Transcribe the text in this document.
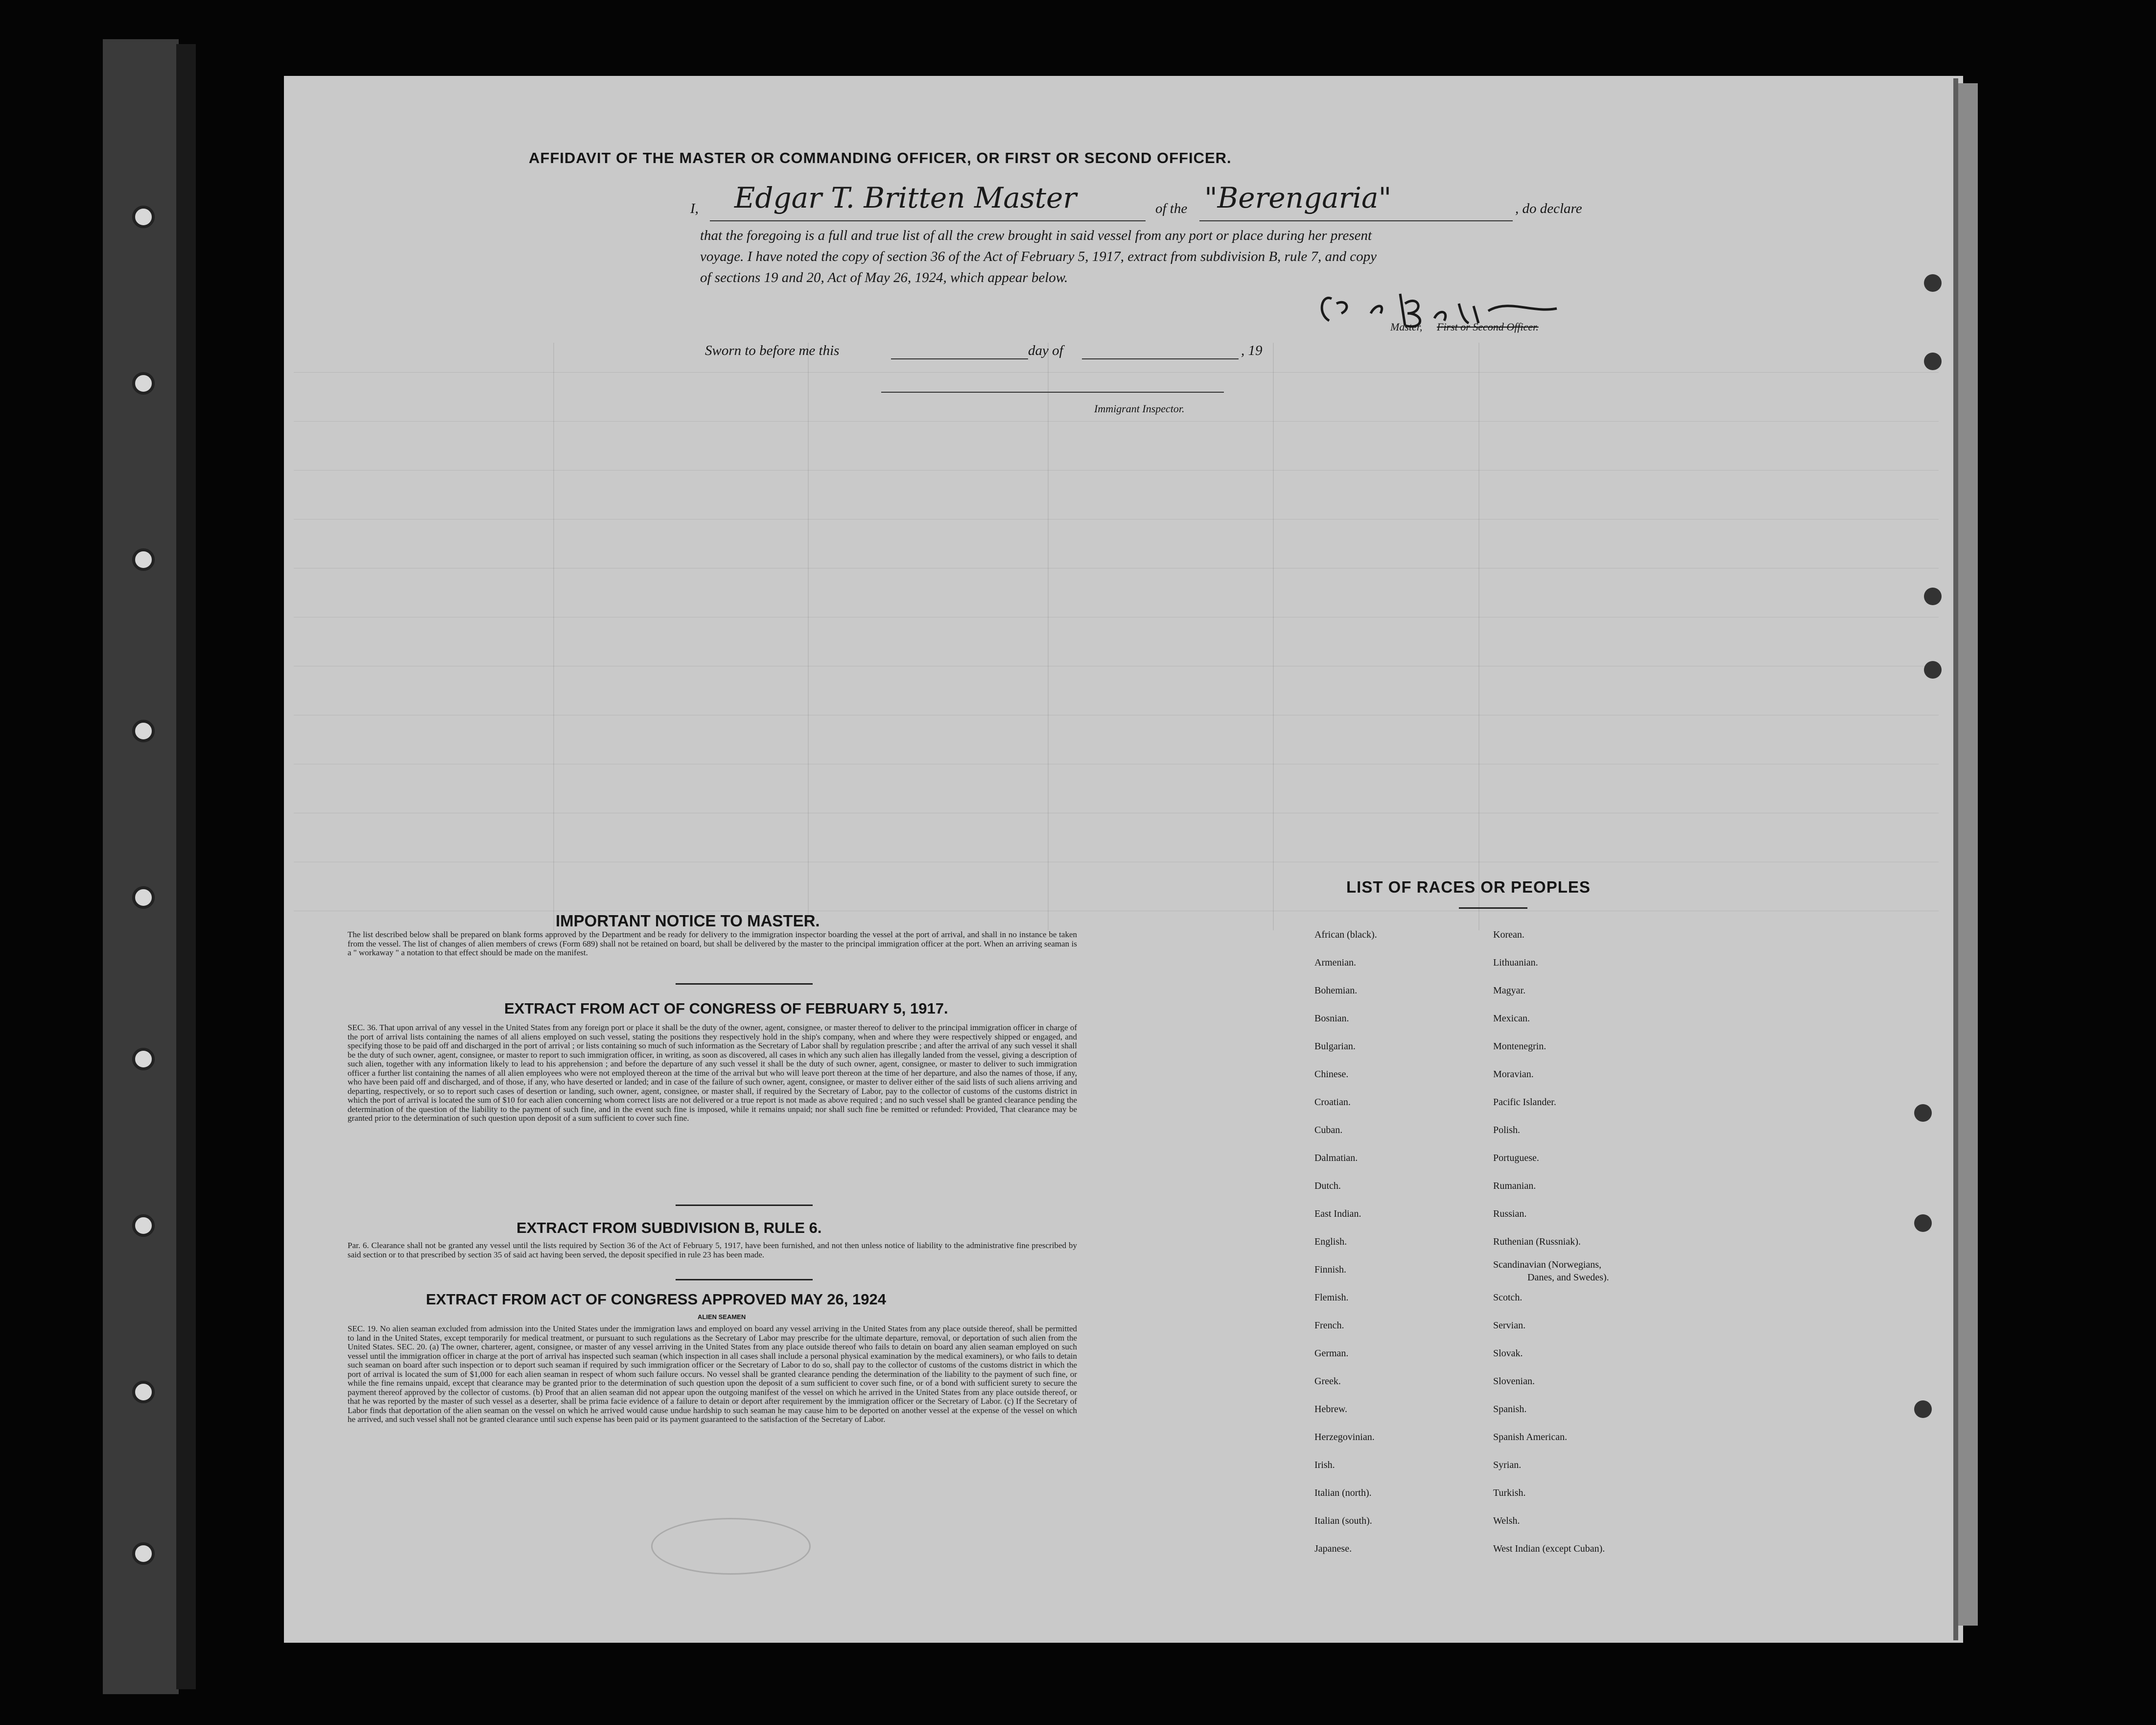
AFFIDAVIT OF THE MASTER OR COMMANDING OFFICER, OR FIRST OR SECOND OFFICER.
I, Edgar T. Britten Master	of the "Berengaria"	, do declare
that the foregoing is a full and true list of all the crew brought in said vessel from any port or place during her present
voyage. I have noted the copy of section 36 of the Act of February 5, 1917, extract from subdivision B, rule 7, and copy
of sections 19 and 20, Act of May 26, 1924, which appear below.
Master, First or Second Officer.
Sworn to before me this	day of	, 19
Immigrant Inspector.
IMPORTANT NOTICE TO MASTER.
The list described below shall be prepared on blank forms approved by the Department and be ready for delivery to the immigration inspector boarding the vessel at the port of arrival, and shall in no instance be taken from the vessel. The list of changes of alien members of crews (Form 689) shall not be retained on board, but shall be delivered by the master to the principal immigration officer at the port. When an arriving seaman is a " workaway " a notation to that effect should be made on the manifest.
EXTRACT FROM ACT OF CONGRESS OF FEBRUARY 5, 1917.
SEC. 36. That upon arrival of any vessel in the United States from any foreign port or place it shall be the duty of the owner, agent, consignee, or master thereof to deliver to the principal immigration officer in charge of the port of arrival lists containing the names of all aliens employed on such vessel, stating the positions they respectively hold in the ship's company, when and where they were respectively shipped or engaged, and specifying those to be paid off and discharged in the port of arrival ; or lists containing so much of such information as the Secretary of Labor shall by regulation prescribe ; and after the arrival of any such vessel it shall be the duty of such owner, agent, consignee, or master to report to such immigration officer, in writing, as soon as discovered, all cases in which any such alien has illegally landed from the vessel, giving a description of such alien, together with any information likely to lead to his apprehension ; and before the departure of any such vessel it shall be the duty of such owner, agent, consignee, or master to deliver to such immigration officer a further list containing the names of all alien employees who were not employed thereon at the time of the arrival but who will leave port thereon at the time of her departure, and also the names of those, if any, who have been paid off and discharged, and of those, if any, who have deserted or landed; and in case of the failure of such owner, agent, consignee, or master to deliver either of the said lists of such aliens arriving and departing, respectively, or so to report such cases of desertion or landing, such owner, agent, consignee, or master shall, if required by the Secretary of Labor, pay to the collector of customs of the customs district in which the port of arrival is located the sum of $10 for each alien concerning whom correct lists are not delivered or a true report is not made as above required ; and no such vessel shall be granted clearance pending the determination of the question of the liability to the payment of such fine, and in the event such fine is imposed, while it remains unpaid; nor shall such fine be remitted or refunded: Provided, That clearance may be granted prior to the determination of such question upon deposit of a sum sufficient to cover such fine.
EXTRACT FROM SUBDIVISION B, RULE 6.
Par. 6. Clearance shall not be granted any vessel until the lists required by Section 36 of the Act of February 5, 1917, have been furnished, and not then unless notice of liability to the administrative fine prescribed by said section or to that prescribed by section 35 of said act having been served, the deposit specified in rule 23 has been made.
EXTRACT FROM ACT OF CONGRESS APPROVED MAY 26, 1924
ALIEN SEAMEN
SEC. 19. No alien seaman excluded from admission into the United States under the immigration laws and employed on board any vessel arriving in the United States from any place outside thereof, shall be permitted to land in the United States, except temporarily for medical treatment, or pursuant to such regulations as the Secretary of Labor may prescribe for the ultimate departure, removal, or deportation of such alien from the United States. SEC. 20. (a) The owner, charterer, agent, consignee, or master of any vessel arriving in the United States from any place outside thereof who fails to detain on board any alien seaman employed on such vessel until the immigration officer in charge at the port of arrival has inspected such seaman (which inspection in all cases shall include a personal physical examination by the medical examiners), or who fails to detain such seaman on board after such inspection or to deport such seaman if required by such immigration officer or the Secretary of Labor to do so, shall pay to the collector of customs of the customs district in which the port of arrival is located the sum of $1,000 for each alien seaman in respect of whom such failure occurs. No vessel shall be granted clearance pending the determination of the liability to the payment of such fine, or while the fine remains unpaid, except that clearance may be granted prior to the determination of such question upon the deposit of a sum sufficient to cover such fine, or of a bond with sufficient surety to secure the payment thereof approved by the collector of customs. (b) Proof that an alien seaman did not appear upon the outgoing manifest of the vessel on which he arrived in the United States from any place outside thereof, or that he was reported by the master of such vessel as a deserter, shall be prima facie evidence of a failure to detain or deport after requirement by the immigration officer or the Secretary of Labor. (c) If the Secretary of Labor finds that deportation of the alien seaman on the vessel on which he arrived would cause undue hardship to such seaman he may cause him to be deported on another vessel at the expense of the vessel on which he arrived, and such vessel shall not be granted clearance until such expense has been paid or its payment guaranteed to the satisfaction of the Secretary of Labor.
LIST OF RACES OR PEOPLES
African (black).
Armenian.
Bohemian.
Bosnian.
Bulgarian.
Chinese.
Croatian.
Cuban.
Dalmatian.
Dutch.
East Indian.
English.
Finnish.
Flemish.
French.
German.
Greek.
Hebrew.
Herzegovinian.
Irish.
Italian (north).
Italian (south).
Japanese.
Korean.
Lithuanian.
Magyar.
Mexican.
Montenegrin.
Moravian.
Pacific Islander.
Polish.
Portuguese.
Rumanian.
Russian.
Ruthenian (Russniak).
Scandinavian (Norwegians,
Danes, and Swedes).
Scotch.
Servian.
Slovak.
Slovenian.
Spanish.
Spanish American.
Syrian.
Turkish.
Welsh.
West Indian (except Cuban).
